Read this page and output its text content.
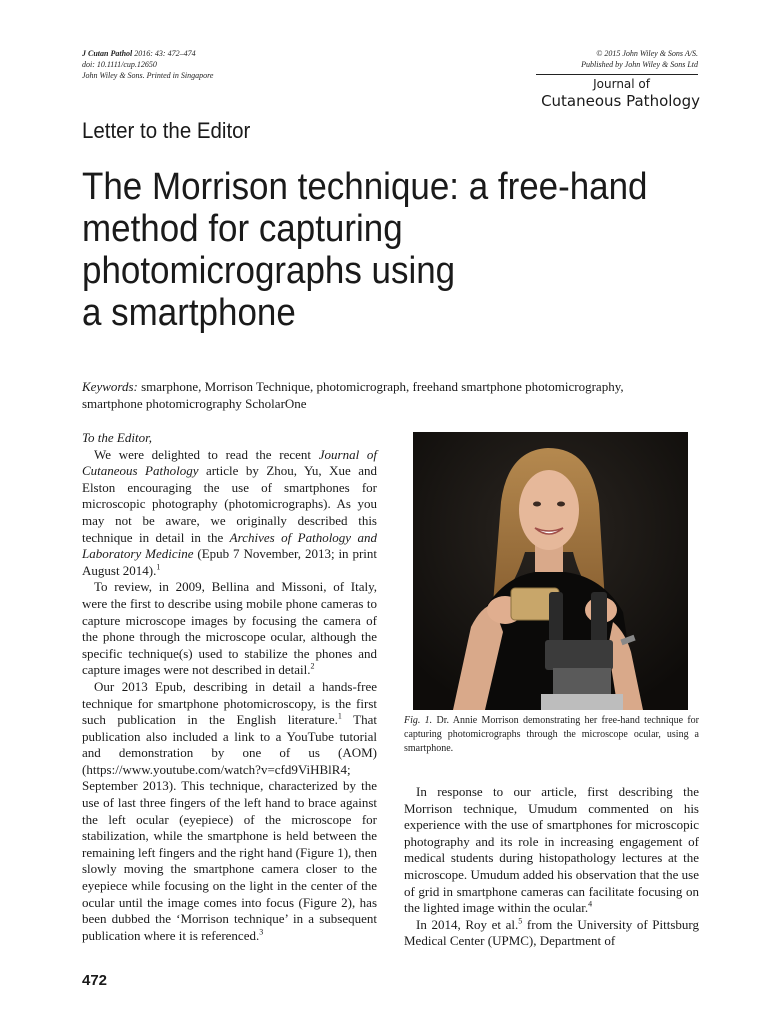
J Cutan Pathol 2016: 43: 472–474
doi: 10.1111/cup.12650
John Wiley & Sons. Printed in Singapore
© 2015 John Wiley & Sons A/S.
Published by John Wiley & Sons Ltd
Journal of
Cutaneous Pathology
Letter to the Editor
The Morrison technique: a free-hand
method for capturing
photomicrographs using
a smartphone
Keywords: smarphone, Morrison Technique, photomicrograph, freehand smartphone photomicrography, smartphone photomicrography ScholarOne

To the Editor,

We were delighted to read the recent Journal of Cutaneous Pathology article by Zhou, Yu, Xue and Elston encouraging the use of smartphones for microscopic photography (photomicrographs). As you may not be aware, we originally described this technique in detail in the Archives of Pathology and Laboratory Medicine (Epub 7 November, 2013; in print August 2014).$^1$

To review, in 2009, Bellina and Missoni, of Italy, were the first to describe using mobile phone cameras to capture microscope images by focusing the camera of the phone through the microscope ocular, although the specific technique(s) used to stabilize the phones and capture images were not described in detail.$^2$

Our 2013 Epub, describing in detail a hands-free technique for smartphone photomicroscopy, is the first such publication in the English literature.$^1$ That publication also included a link to a YouTube tutorial and demonstration by one of us (AOM) (https://www.youtube.com/watch?v=cfd9ViHBlR4; September 2013). This technique, characterized by the use of last three fingers of the left hand to brace against the left ocular (eyepiece) of the microscope for stabilization, while the smartphone is held between the remaining left fingers and the right hand (Figure 1), then slowly moving the smartphone camera closer to the eyepiece while focusing on the light in the center of the ocular until the image comes into focus (Figure 2), has been dubbed the ‘Morrison technique’ in a subsequent publication where it is referenced.$^3$

Fig. 1. Dr. Annie Morrison demonstrating her free-hand technique for capturing photomicrographs through the microscope ocular, using a smartphone.

In response to our article, first describing the Morrison technique, Umudum commented on his experience with the use of smartphones for microscopic photography and its role in increasing engagement of medical students during histopathology lectures at the microscope. Umudum added his observation that the use of grid in smartphone cameras can facilitate focusing on the lighted image within the ocular.$^4$

In 2014, Roy et al.$^5$ from the University of Pittsburg Medical Center (UPMC), Department of

472
